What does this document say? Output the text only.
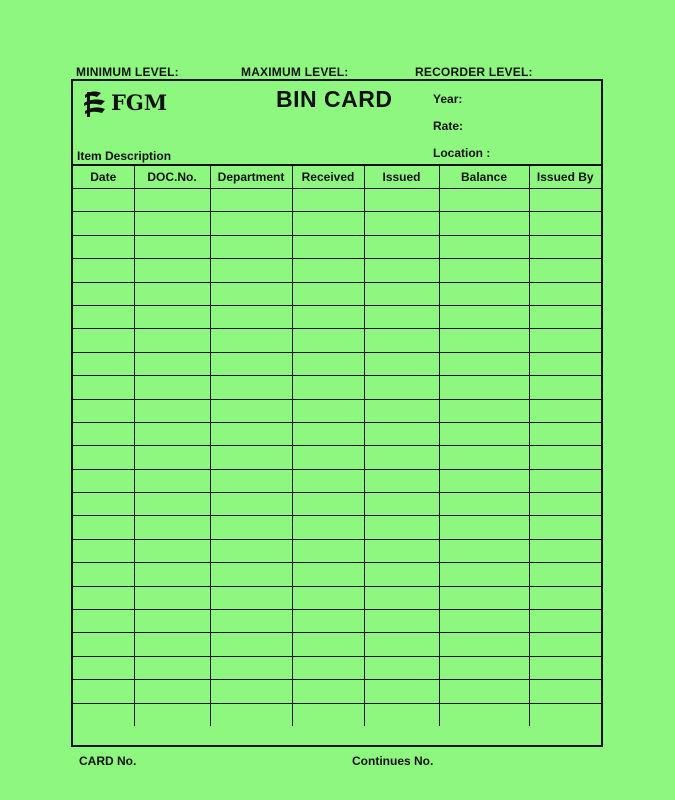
MINIMUM LEVEL:	MAXIMUM LEVEL:	RECORDER LEVEL:
FGM	BIN CARD	Year:
Rate:
Location :
Item Description
Date	DOC.No.	Department	Received	Issued	Balance	Issued By

CARD No.	Continues No.
